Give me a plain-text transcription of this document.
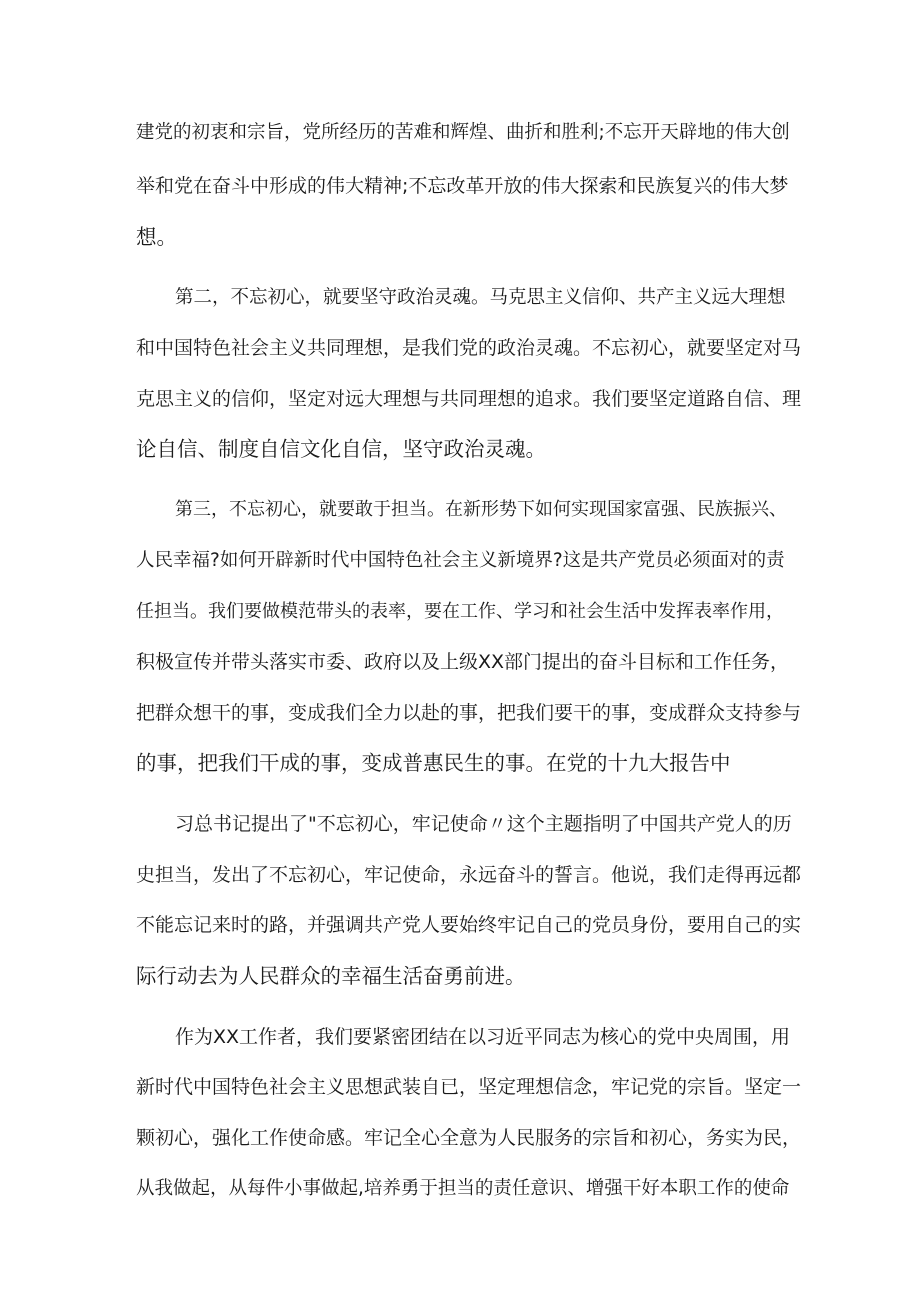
建党的初衷和宗旨，党所经历的苦难和辉煌、曲折和胜利;不忘开天辟地的伟大创
举和党在奋斗中形成的伟大精神;不忘改革开放的伟大探索和民族复兴的伟大梦
想。
第二，不忘初心，就要坚守政治灵魂。马克思主义信仰、共产主义远大理想
和中国特色社会主义共同理想，是我们党的政治灵魂。不忘初心，就要坚定对马
克思主义的信仰，坚定对远大理想与共同理想的追求。我们要坚定道路自信、理
论自信、制度自信文化自信，坚守政治灵魂。
第三，不忘初心，就要敢于担当。在新形势下如何实现国家富强、民族振兴、
人民幸福?如何开辟新时代中国特色社会主义新境界?这是共产党员必须面对的责
任担当。我们要做模范带头的表率，要在工作、学习和社会生活中发挥表率作用，
积极宣传并带头落实市委、政府以及上级XX部门提出的奋斗目标和工作任务，
把群众想干的事，变成我们全力以赴的事，把我们要干的事，变成群众支持参与
的事，把我们干成的事，变成普惠民生的事。在党的十九大报告中
习总书记提出了"不忘初心，牢记使命〃这个主题指明了中国共产党人的历
史担当，发出了不忘初心，牢记使命，永远奋斗的誓言。他说，我们走得再远都
不能忘记来时的路，并强调共产党人要始终牢记自己的党员身份，要用自己的实
际行动去为人民群众的幸福生活奋勇前进。
作为XX工作者，我们要紧密团结在以习近平同志为核心的党中央周围，用
新时代中国特色社会主义思想武装自已，坚定理想信念，牢记党的宗旨。坚定一
颗初心，强化工作使命感。牢记全心全意为人民服务的宗旨和初心，务实为民，
从我做起，从每件小事做起,培养勇于担当的责任意识、增强干好本职工作的使命
